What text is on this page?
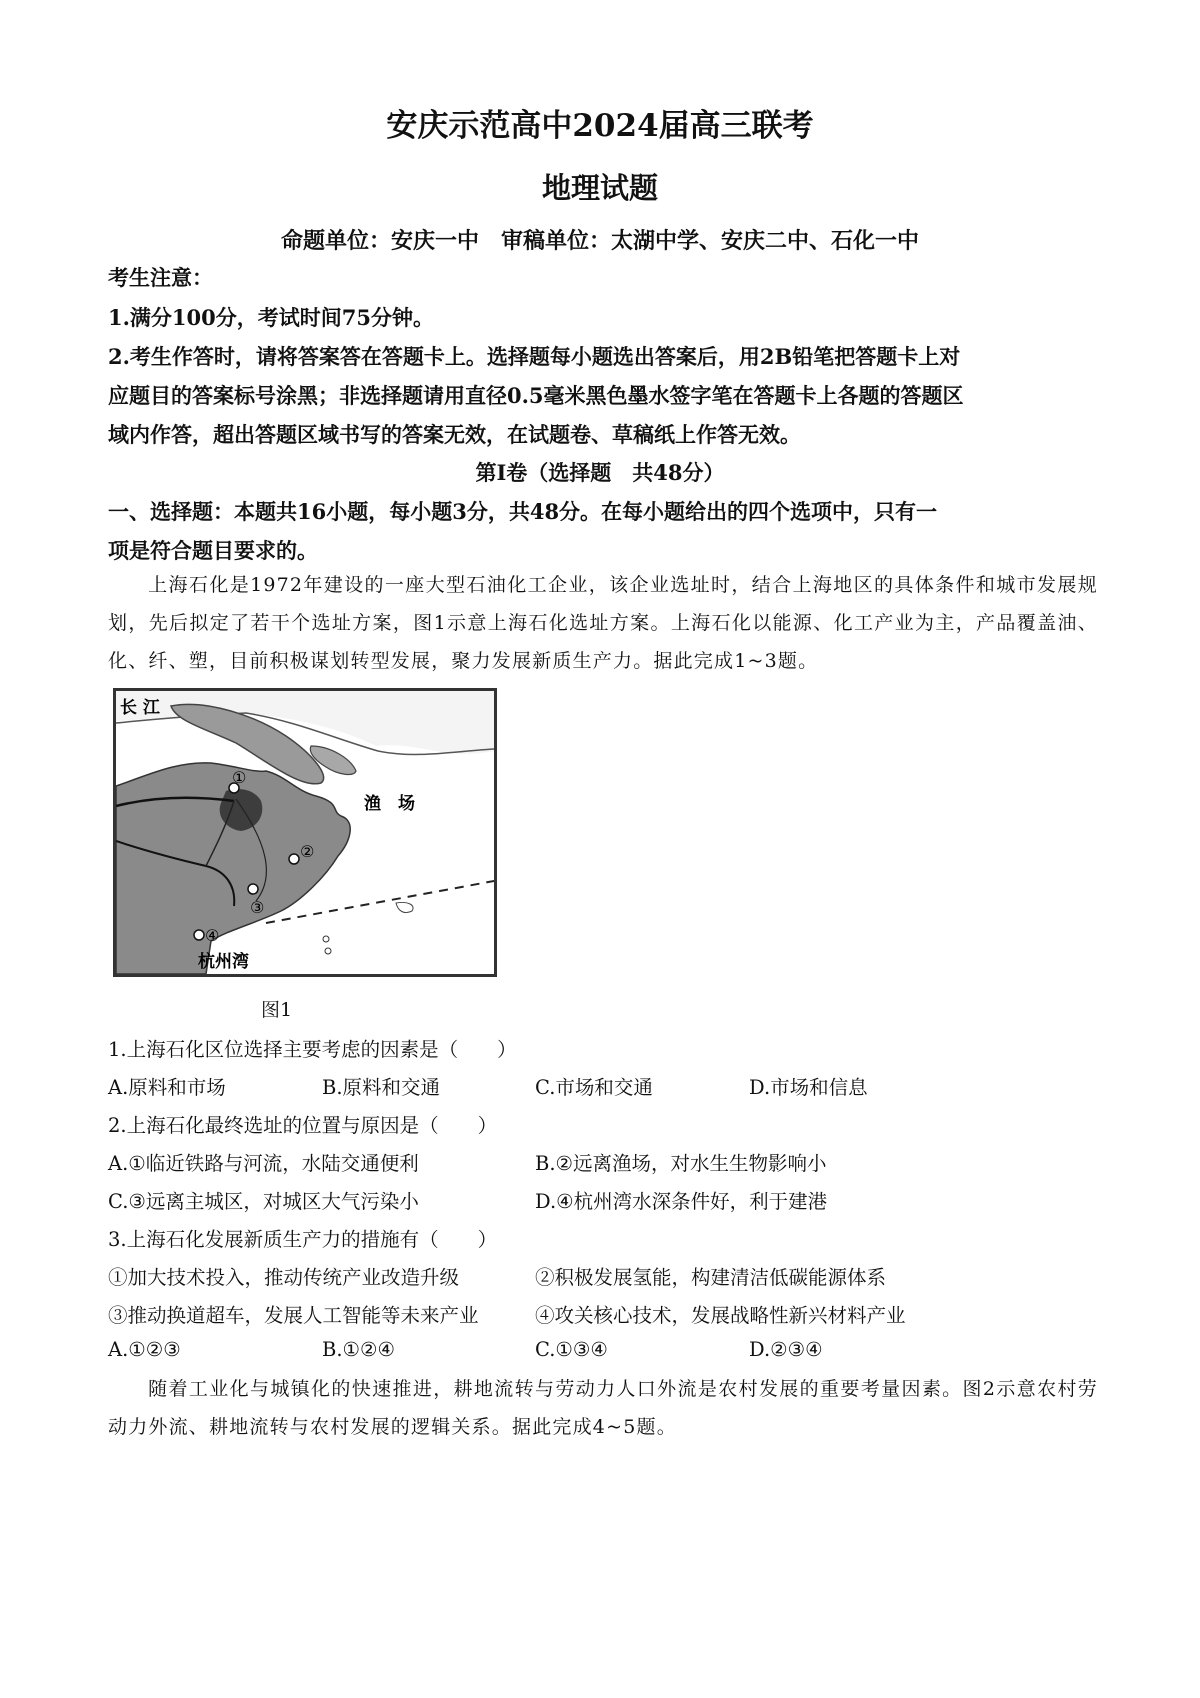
安庆示范高中2024届高三联考
地理试题
命题单位：安庆一中　审稿单位：太湖中学、安庆二中、石化一中
考生注意：
1.满分100分，考试时间75分钟。
2.考生作答时，请将答案答在答题卡上。选择题每小题选出答案后，用2B铅笔把答题卡上对
应题目的答案标号涂黑；非选择题请用直径0.5毫米黑色墨水签字笔在答题卡上各题的答题区
域内作答，超出答题区域书写的答案无效，在试题卷、草稿纸上作答无效。
第Ⅰ卷（选择题　共48分）
一、选择题：本题共16小题，每小题3分，共48分。在每小题给出的四个选项中，只有一
项是符合题目要求的。
上海石化是1972年建设的一座大型石油化工企业，该企业选址时，结合上海地区的具体条件和城市发展规划，先后拟定了若干个选址方案，图1示意上海石化选址方案。上海石化以能源、化工产业为主，产品覆盖油、化、纤、塑，目前积极谋划转型发展，聚力发展新质生产力。据此完成1~3题。
①
②
③
④
长 江
渔　场
杭州湾
图1
1.上海石化区位选择主要考虑的因素是（　　）
A.原料和市场	B.原料和交通	C.市场和交通	D.市场和信息
2.上海石化最终选址的位置与原因是（　　）
A.①临近铁路与河流，水陆交通便利	B.②远离渔场，对水生生物影响小
C.③远离主城区，对城区大气污染小	D.④杭州湾水深条件好，利于建港
3.上海石化发展新质生产力的措施有（　　）
①加大技术投入，推动传统产业改造升级	②积极发展氢能，构建清洁低碳能源体系
③推动换道超车，发展人工智能等未来产业	④攻关核心技术，发展战略性新兴材料产业
A.①②③	B.①②④	C.①③④	D.②③④
随着工业化与城镇化的快速推进，耕地流转与劳动力人口外流是农村发展的重要考量因素。图2示意农村劳动力外流、耕地流转与农村发展的逻辑关系。据此完成4~5题。
